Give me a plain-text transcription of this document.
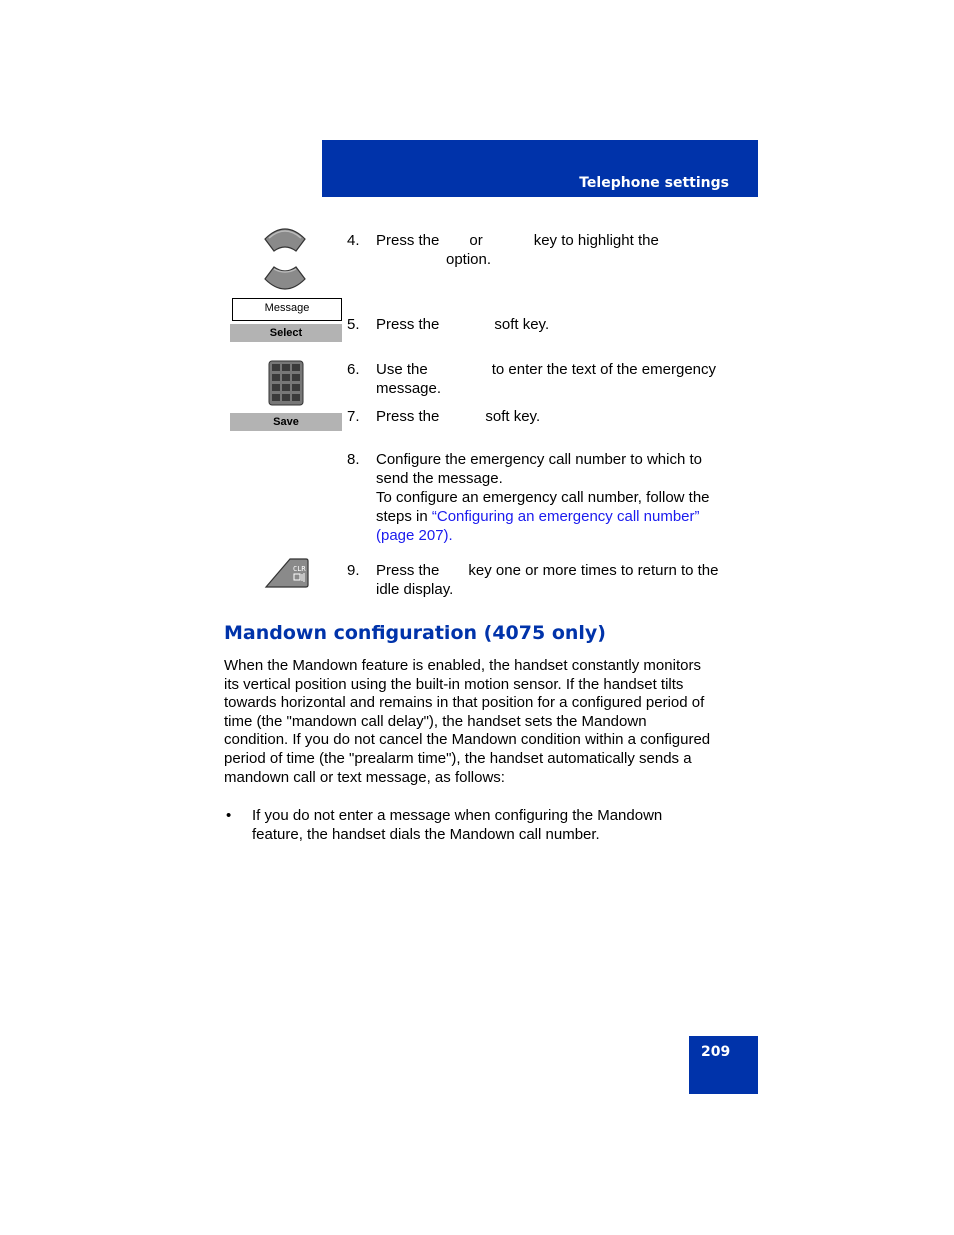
Telephone settings
Message
Select
Save
CLR
4.	Press the or	key to highlight the
option.
5.	Press the	soft key.
6.	Use the	to enter the text of the emergency
message.
7.	Press the	soft key.
8.	Configure the emergency call number to which to
send the message.
To configure an emergency call number, follow the
steps in “Configuring an emergency call number”
(page 207).
9.	Press the key one or more times to return to the
idle display.
Mandown configuration (4075 only)
When the Mandown feature is enabled, the handset constantly monitors
its vertical position using the built-in motion sensor. If the handset tilts
towards horizontal and remains in that position for a configured period of
time (the "mandown call delay"), the handset sets the Mandown
condition. If you do not cancel the Mandown condition within a configured
period of time (the "prealarm time"), the handset automatically sends a
mandown call or text message, as follows:
• If you do not enter a message when configuring the Mandown
feature, the handset dials the Mandown call number.
209
